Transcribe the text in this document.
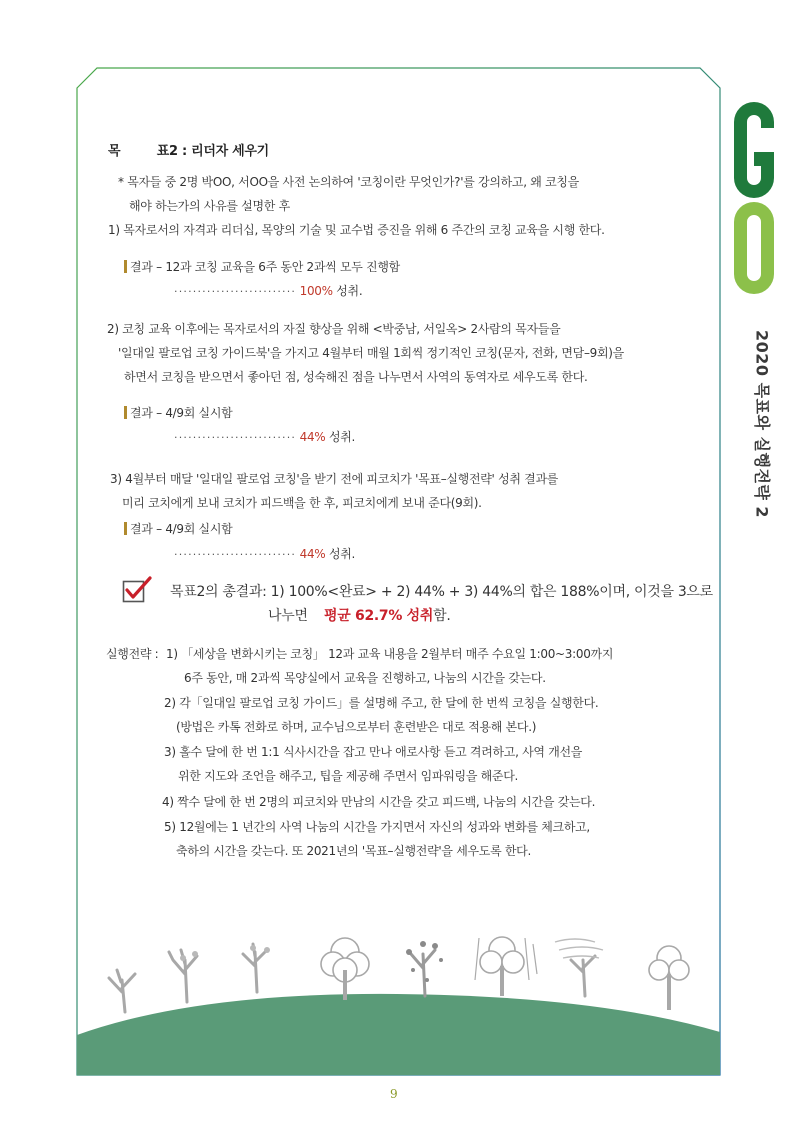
2020 목표와 실행전략 2
목	표2 : 리더자 세우기
* 목자들 중 2명 박OO, 서OO을 사전 논의하여 '코칭이란 무엇인가?'를 강의하고, 왜 코칭을
해야 하는가의 사유를 설명한 후
1) 목자로서의 자격과 리더십, 목양의 기술 및 교수법 증진을 위해 6 주간의 코칭 교육을 시행 한다.
결과 – 12과 코칭 교육을 6주 동안 2과씩 모두 진행함
·························· 100% 성취.
2) 코칭 교육 이후에는 목자로서의 자질 향상을 위해 <박중남, 서일옥> 2사람의 목자들을
'일대일 팔로업 코칭 가이드북'을 가지고 4월부터 매월 1회씩 정기적인 코칭(문자, 전화, 면담–9회)을
하면서 코칭을 받으면서 좋아던 점, 성숙해진 점을 나누면서 사역의 동역자로 세우도록 한다.
결과 – 4/9회 실시함
·························· 44% 성취.
3) 4월부터 매달 '일대일 팔로업 코칭'을 받기 전에 피코치가 '목표–실행전략' 성취 결과를
미리 코치에게 보내 코치가 피드백을 한 후, 피코치에게 보내 준다(9회).
결과 – 4/9회 실시함
·························· 44% 성취.
목표2의 총결과: 1) 100%<완료> + 2) 44% + 3) 44%의 합은 188%이며, 이것을 3으로
나누면 평균 62.7% 성취함.
실행전략 : 1) 「세상을 변화시키는 코칭」 12과 교육 내용을 2월부터 매주 수요일 1:00~3:00까지
6주 동안, 매 2과씩 목양실에서 교육을 진행하고, 나눔의 시간을 갖는다.
2) 각「일대일 팔로업 코칭 가이드」를 설명해 주고, 한 달에 한 번씩 코칭을 실행한다.
(방법은 카톡 전화로 하며, 교수님으로부터 훈련받은 대로 적용해 본다.)
3) 홀수 달에 한 번 1:1 식사시간을 잡고 만나 애로사항 듣고 격려하고, 사역 개선을
위한 지도와 조언을 해주고, 팁을 제공해 주면서 임파워링을 해준다.
4) 짝수 달에 한 번 2명의 피코치와 만남의 시간을 갖고 피드백, 나눔의 시간을 갖는다.
5) 12월에는 1 년간의 사역 나눔의 시간을 가지면서 자신의 성과와 변화를 체크하고,
축하의 시간을 갖는다. 또 2021년의 '목표–실행전략'을 세우도록 한다.
9
